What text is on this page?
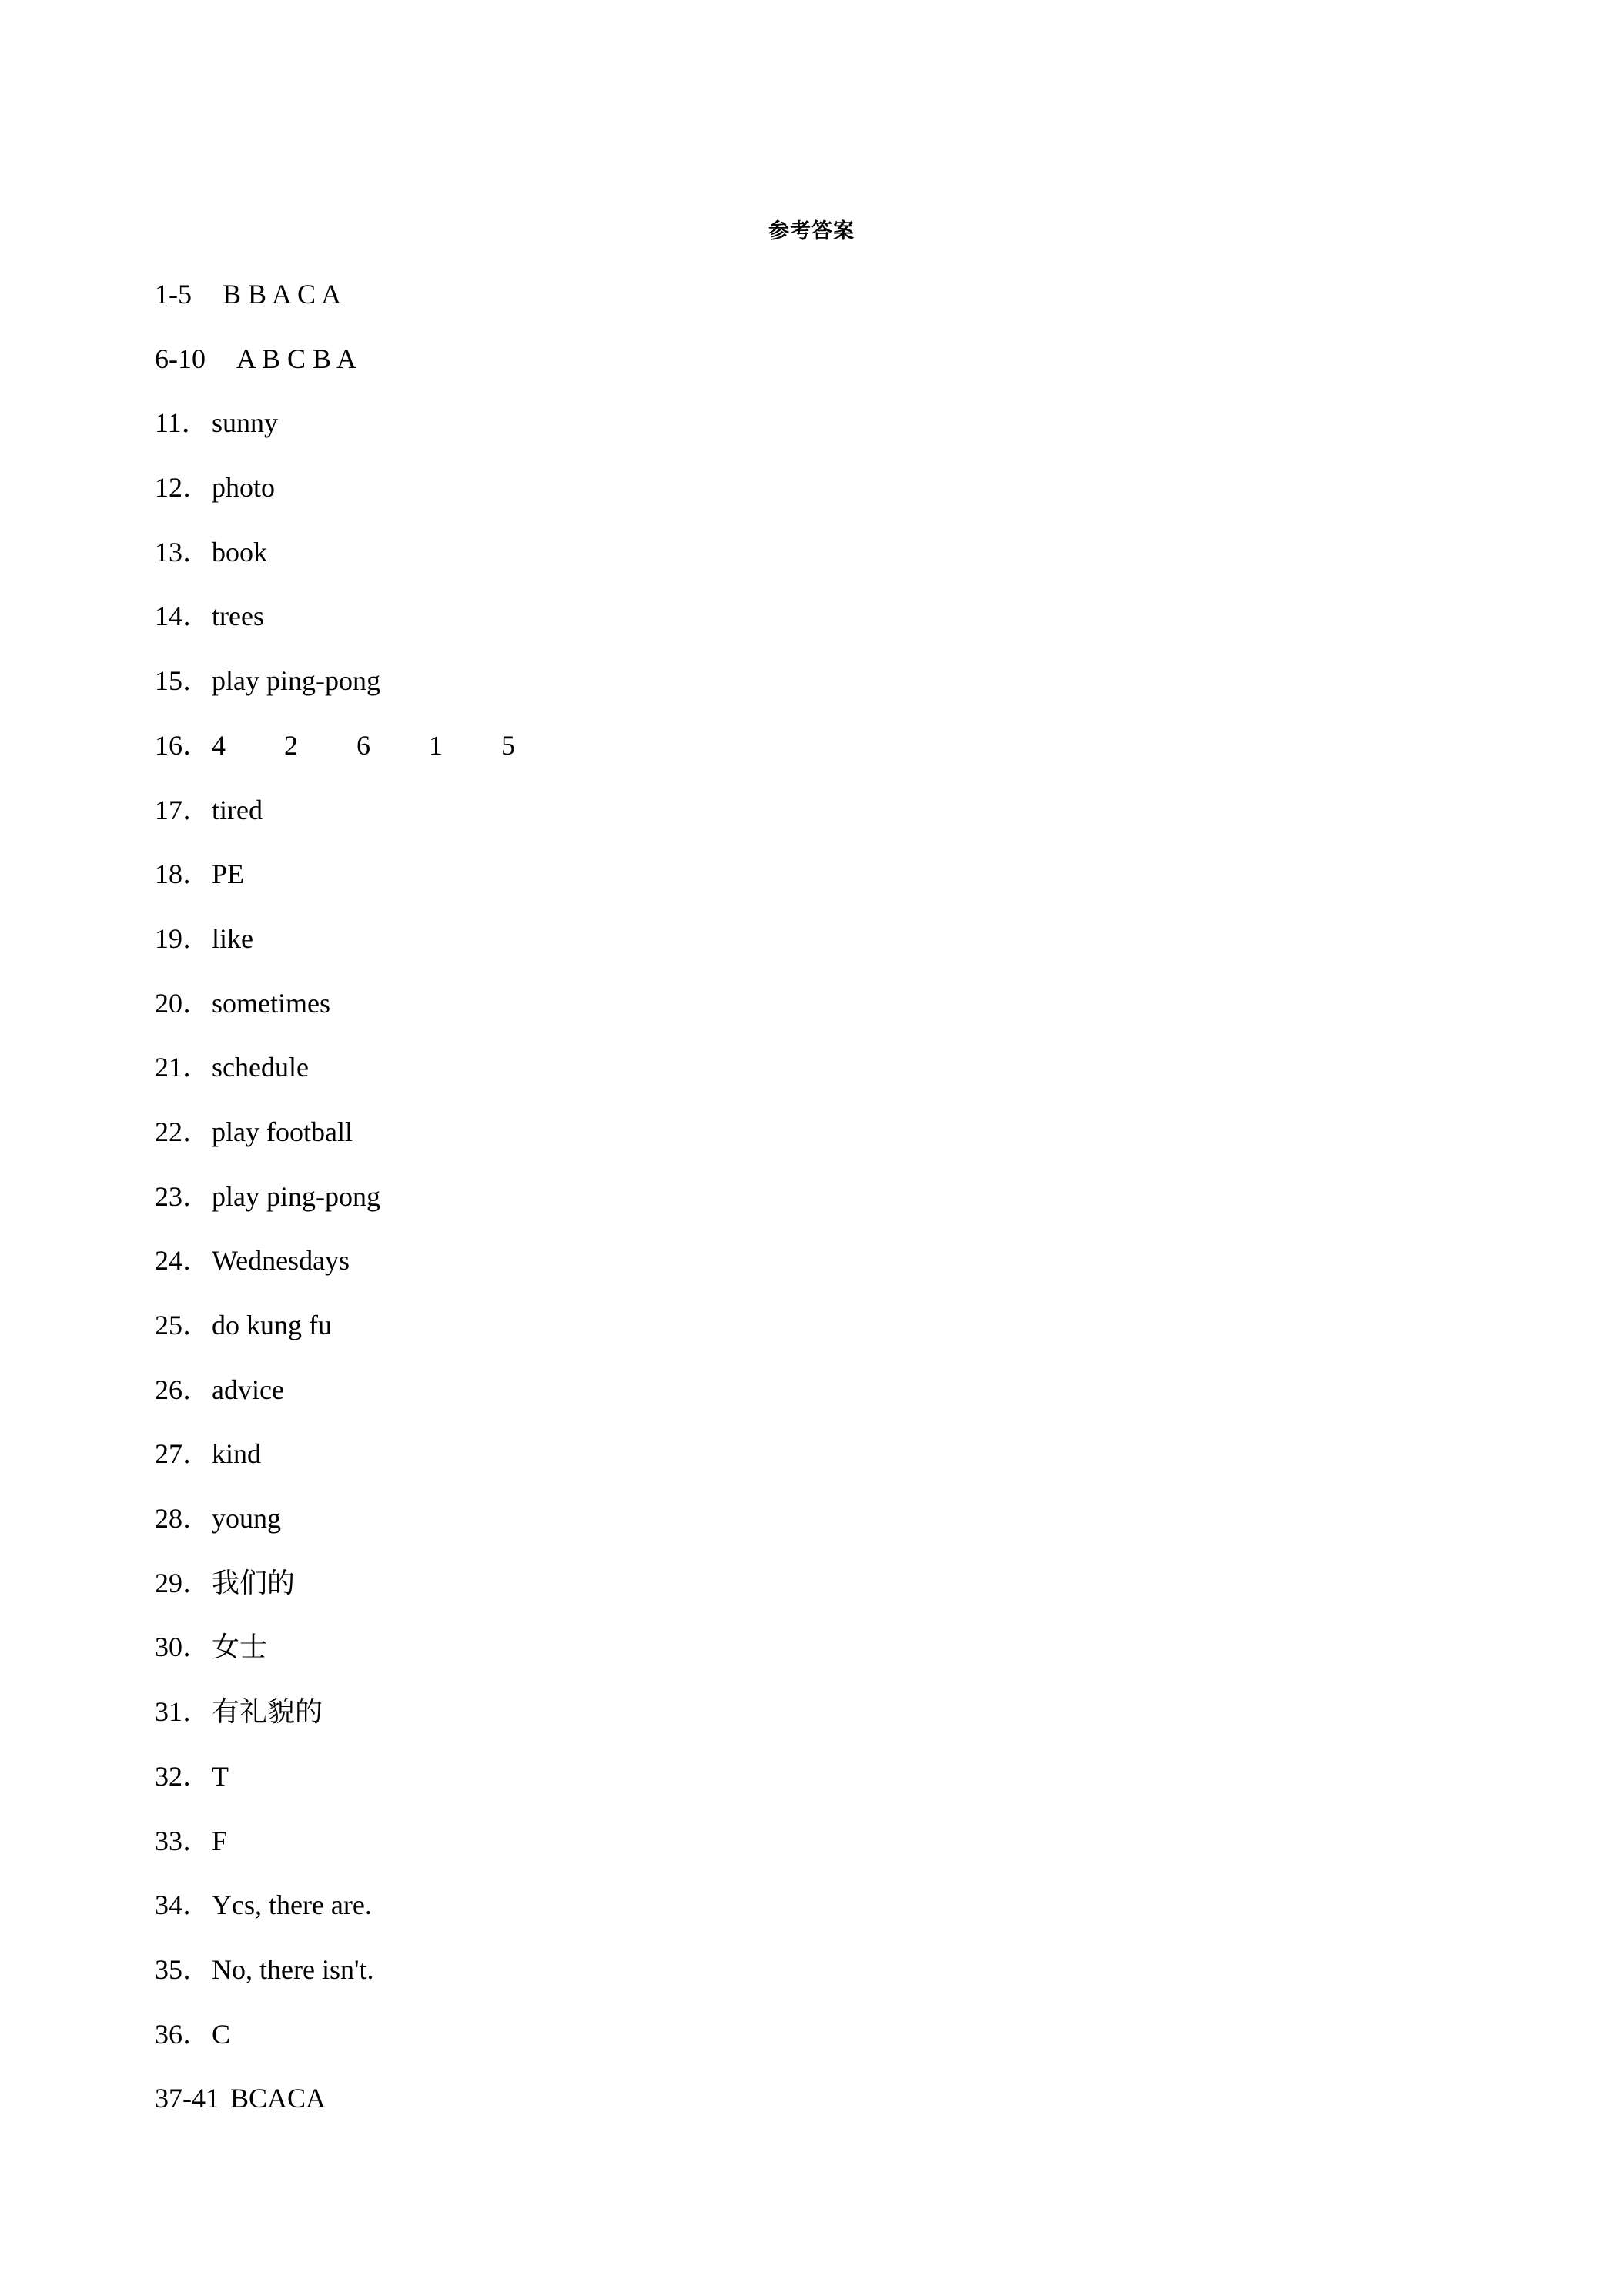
参考答案
1-5 B B A C A
6-10 A B C B A
11．sunny
12．photo
13．book
14．trees
15．play ping-pong
16．4 2 6 1 5
17．tired
18．PE
19．like
20．sometimes
21．schedule
22．play football
23．play ping-pong
24．Wednesdays
25．do kung fu
26．advice
27．kind
28．young
29．我们的
30．女士
31．有礼貌的
32．T
33．F
34．Ycs, there are.
35．No, there isn't.
36．C
37-41 BCACA
